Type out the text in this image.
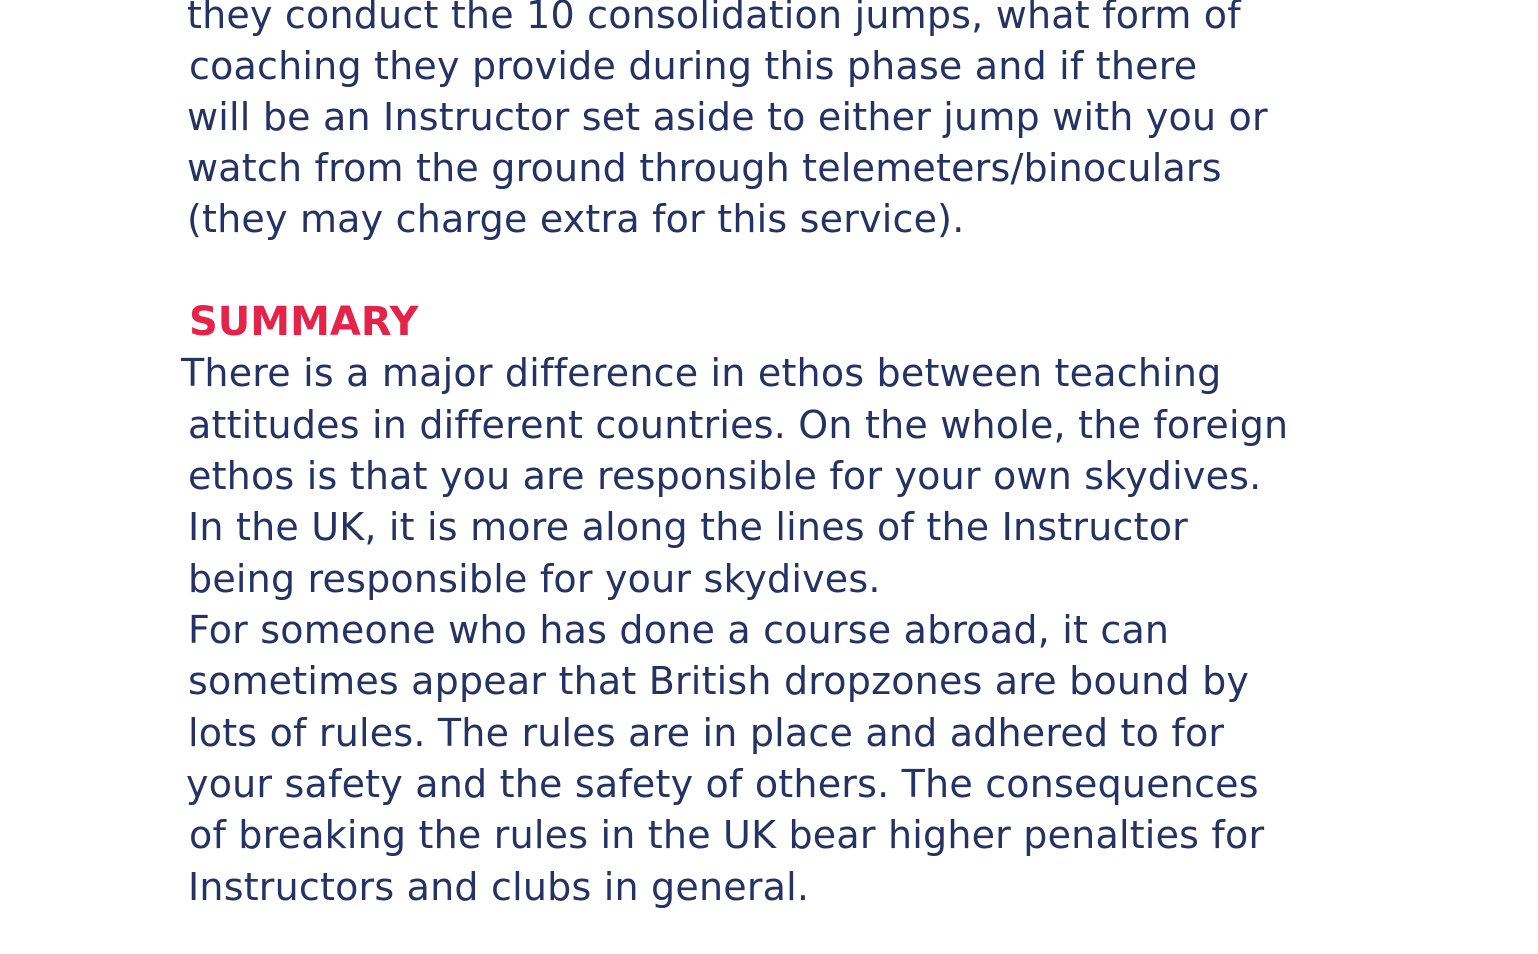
they conduct the 10 consolidation jumps, what form of
coaching they provide during this phase and if there
will be an Instructor set aside to either jump with you or
watch from the ground through telemeters/binoculars
(they may charge extra for this service).
SUMMARY
There is a major difference in ethos between teaching
attitudes in different countries. On the whole, the foreign
ethos is that you are responsible for your own skydives.
In the UK, it is more along the lines of the Instructor
being responsible for your skydives.
For someone who has done a course abroad, it can
sometimes appear that British dropzones are bound by
lots of rules. The rules are in place and adhered to for
your safety and the safety of others. The consequences
of breaking the rules in the UK bear higher penalties for
Instructors and clubs in general.
